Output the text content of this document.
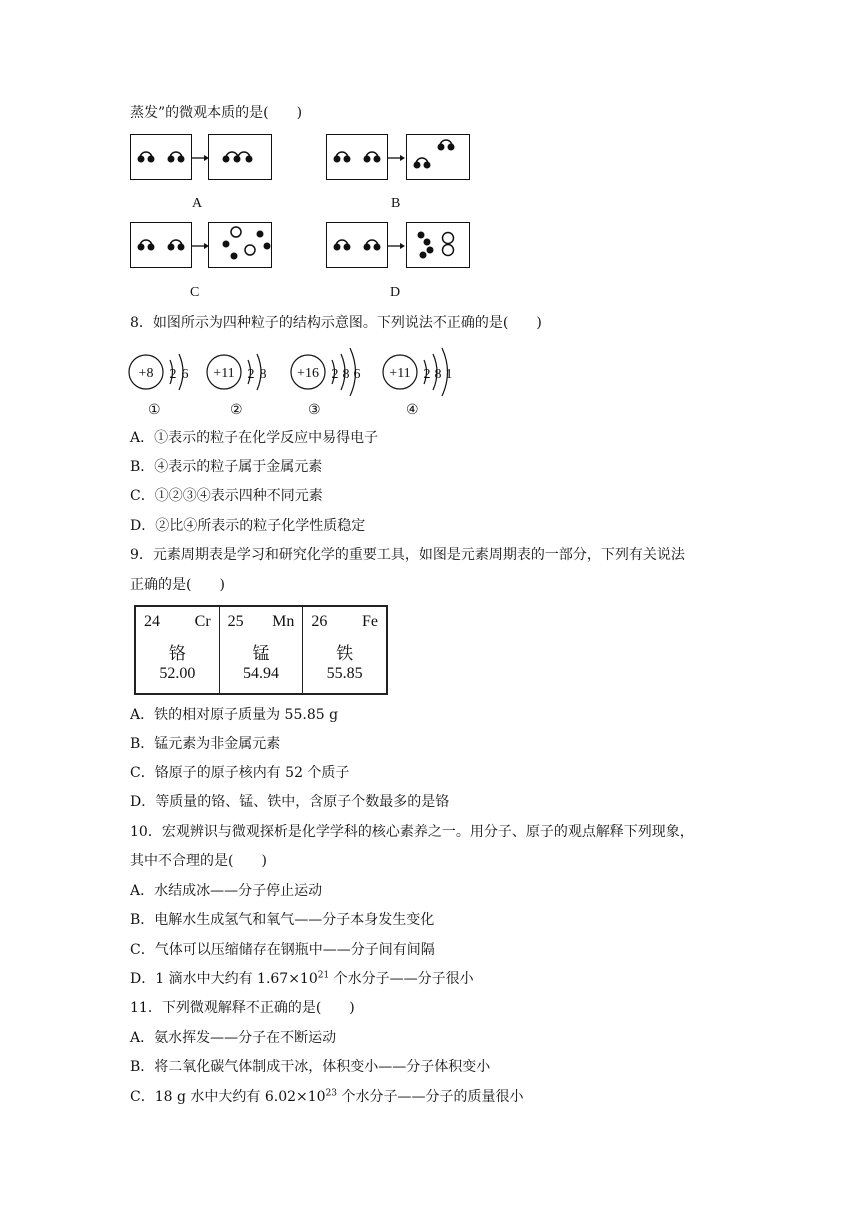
蒸发”的微观本质的是(　　)
A	B
C	D
8．如图所示为四种粒子的结构示意图。下列说法不正确的是(　　)
+8 2 6 +11 2 8 +16 2 8 6 +11 2 8 1
①	②	③	④
A．①表示的粒子在化学反应中易得电子
B．④表示的粒子属于金属元素
C．①②③④表示四种不同元素
D．②比④所表示的粒子化学性质稳定
9．元素周期表是学习和研究化学的重要工具，如图是元素周期表的一部分，下列有关说法
正确的是(　　)
24 Cr
铬
52.00
25 Mn
锰
54.94
26 Fe
铁
55.85
A．铁的相对原子质量为 55.85 g
B．锰元素为非金属元素
C．铬原子的原子核内有 52 个质子
D．等质量的铬、锰、铁中，含原子个数最多的是铬
10．宏观辨识与微观探析是化学学科的核心素养之一。用分子、原子的观点解释下列现象，
其中不合理的是(　　)
A．水结成冰——分子停止运动
B．电解水生成氢气和氧气——分子本身发生变化
C．气体可以压缩储存在钢瓶中——分子间有间隔
D．1 滴水中大约有 $1.67\times 10^{21}$ 个水分子——分子很小
11．下列微观解释不正确的是(　　)
A．氨水挥发——分子在不断运动
B．将二氧化碳气体制成干冰，体积变小——分子体积变小
C．18 g 水中大约有 $6.02\times 10^{23}$ 个水分子——分子的质量很小
